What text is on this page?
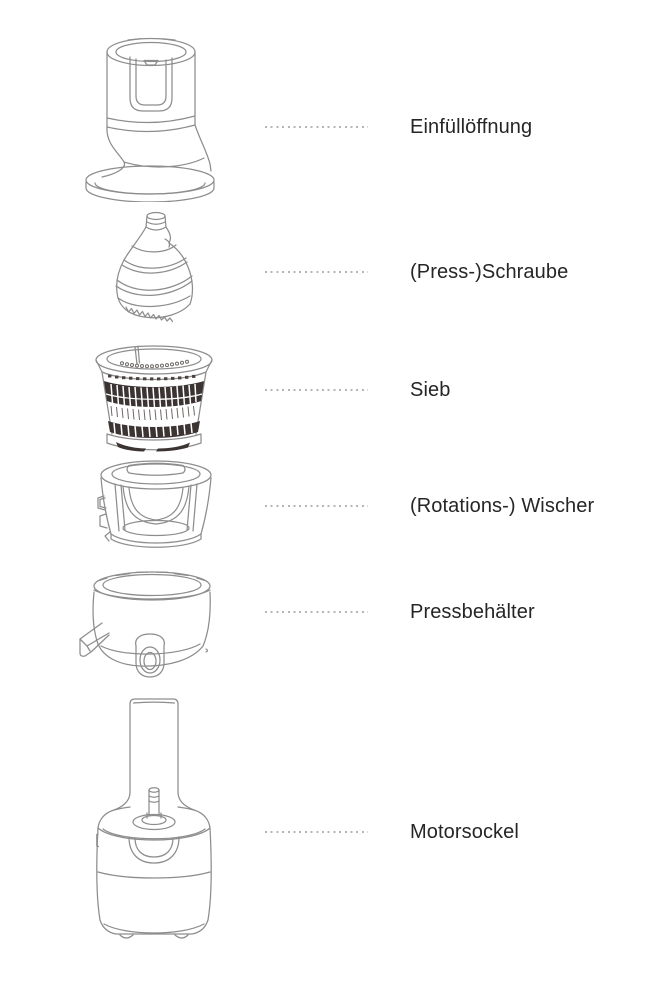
Einfüllöffnung
(Press-)Schraube
Sieb
(Rotations-) Wischer
Pressbehälter
Motorsockel
